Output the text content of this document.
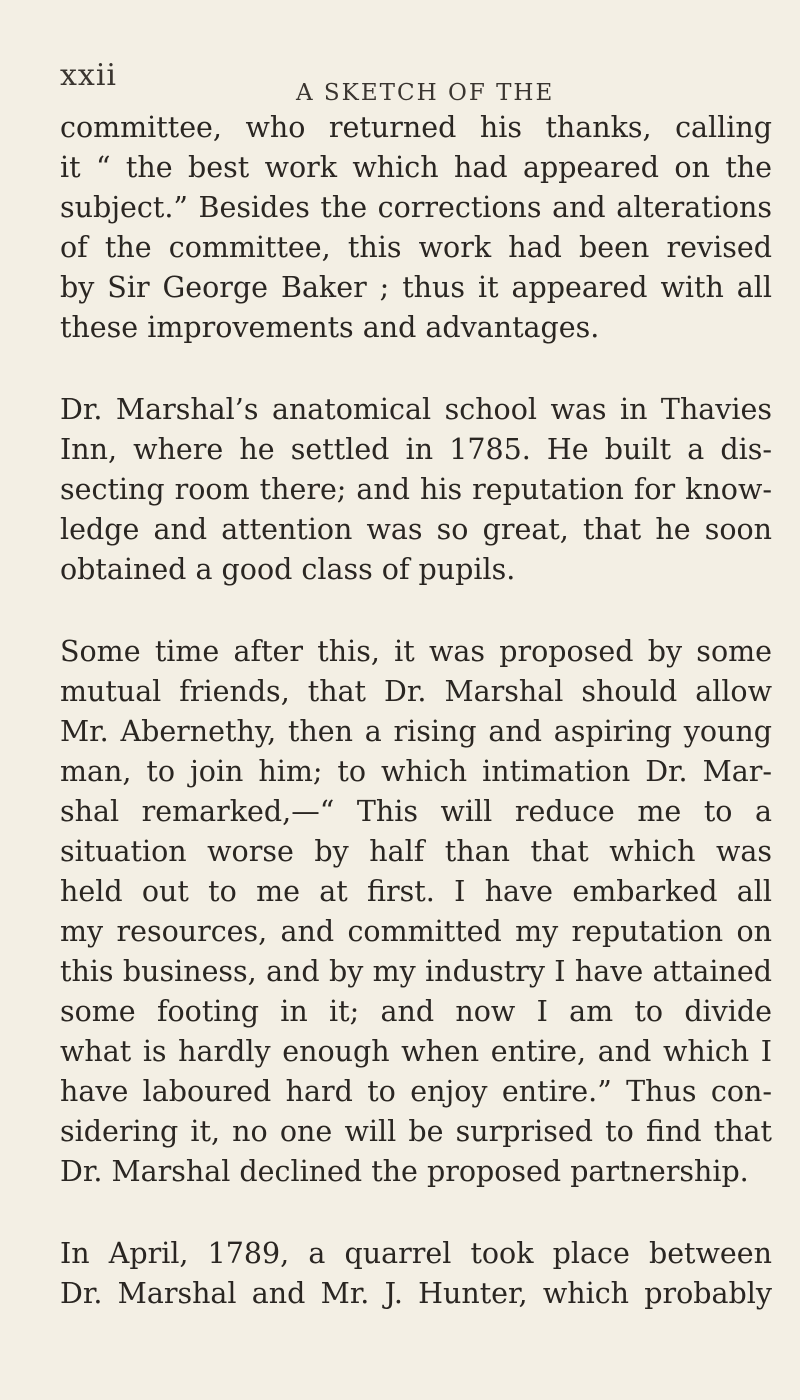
xxii	A SKETCH OF THE

committee, who returned his thanks, calling
it “ the best work which had appeared on the
subject.” Besides the corrections and alterations
of the committee, this work had been revised
by Sir George Baker ; thus it appeared with all
these improvements and advantages.

Dr. Marshal’s anatomical school was in Thavies
Inn, where he settled in 1785. He built a dis-
secting room there; and his reputation for know-
ledge and attention was so great, that he soon
obtained a good class of pupils.

Some time after this, it was proposed by some
mutual friends, that Dr. Marshal should allow
Mr. Abernethy, then a rising and aspiring young
man, to join him; to which intimation Dr. Mar-
shal remarked,—“ This will reduce me to a
situation worse by half than that which was
held out to me at first. I have embarked all
my resources, and committed my reputation on
this business, and by my industry I have attained
some footing in it; and now I am to divide
what is hardly enough when entire, and which I
have laboured hard to enjoy entire.” Thus con-
sidering it, no one will be surprised to find that
Dr. Marshal declined the proposed partnership.

In April, 1789, a quarrel took place between
Dr. Marshal and Mr. J. Hunter, which probably
